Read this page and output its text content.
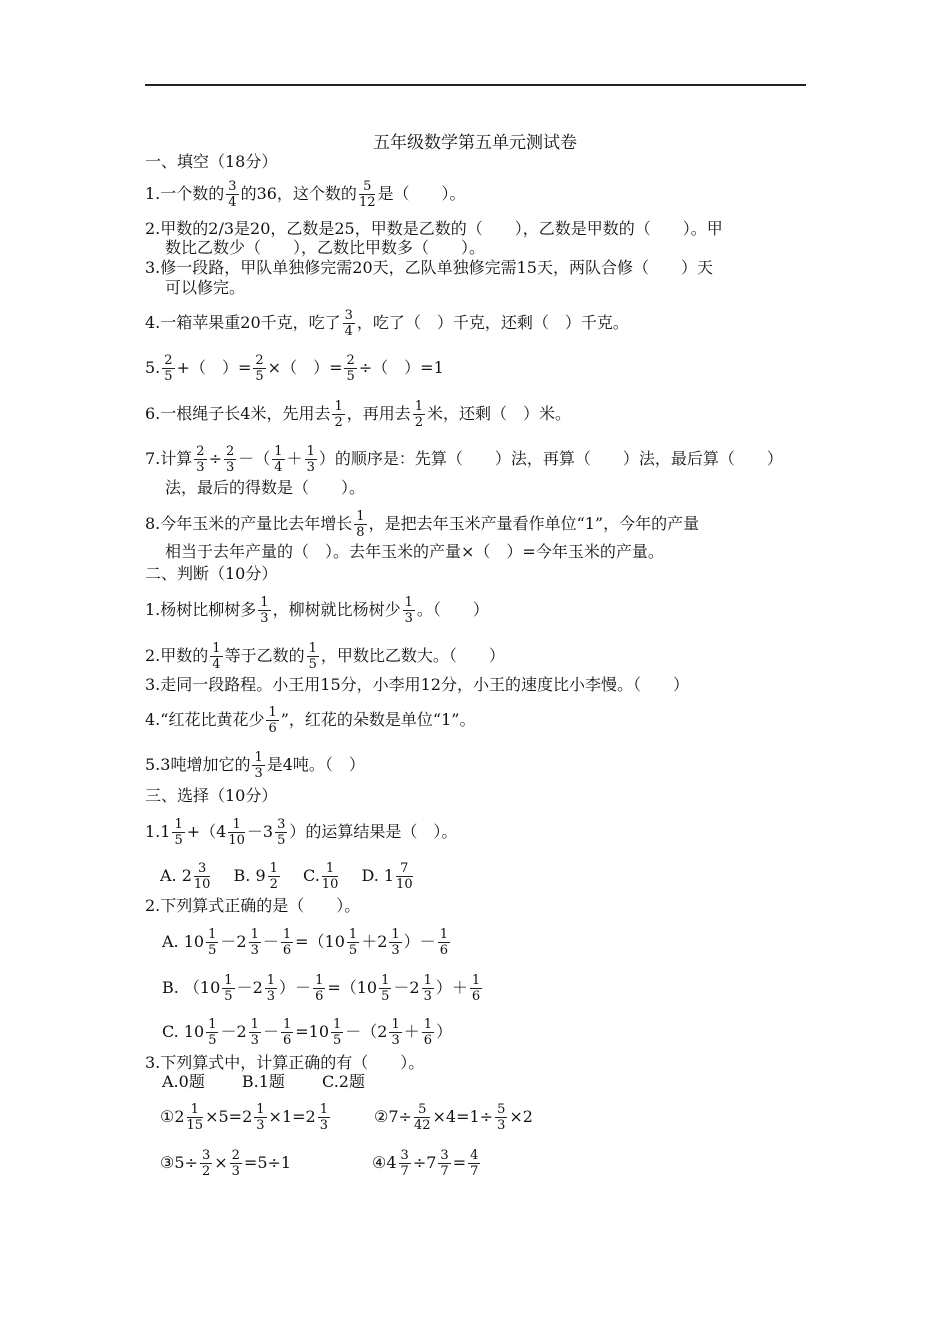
五年级数学第五单元测试卷
一、填空（18分）
1.一个数的 $\frac{3}{4}$ 的36，这个数的 $\frac{5}{12}$ 是（　　）。
2.甲数的2/3是20，乙数是25，甲数是乙数的（　　），乙数是甲数的（　　）。甲
数比乙数少（　　），乙数比甲数多（　　）。
3.修一段路，甲队单独修完需20天，乙队单独修完需15天，两队合修（　　）天
可以修完。
4.一箱苹果重20千克，吃了 $\frac{3}{4}$ ，吃了（　）千克，还剩（　）千克。
5. $\frac{2}{5}$ +（　）= $\frac{2}{5}$ ×（　）= $\frac{2}{5}$ ÷（　）=1
6.一根绳子长4米，先用去 $\frac{1}{2}$ ，再用去 $\frac{1}{2}$ 米，还剩（　）米。
7.计算 $\frac{2}{3} \div \frac{2}{3}$ －（ $\frac{1}{4} + \frac{1}{3}$ ）的顺序是：先算（　　）法，再算（　　）法，最后算（　　）
法，最后的得数是（　　）。
8.今年玉米的产量比去年增长 $\frac{1}{8}$ ，是把去年玉米产量看作单位“1”，今年的产量
相当于去年产量的（　）。去年玉米的产量×（　）=今年玉米的产量。
二、判断（10分）
1.杨树比柳树多 $\frac{1}{3}$ ，柳树就比杨树少 $\frac{1}{3}$ 。（　　）
2.甲数的 $\frac{1}{4}$ 等于乙数的 $\frac{1}{5}$ ，甲数比乙数大。（　　）
3.走同一段路程。小王用15分，小李用12分，小王的速度比小李慢。（　　）
4.“红花比黄花少 $\frac{1}{6}$ ”，红花的朵数是单位“1”。
5.3吨增加它的 $\frac{1}{3}$ 是4吨。（　）
三、选择（10分）
$1.1 \frac{1}{5} +(4 \frac{1}{10} -3 \frac{3}{5}$ ）的运算结果是（　）。
A. $2 \frac{3}{10}$
  B. $9 \frac{1}{2}$
  C. $\frac{1}{10}$
  D. $1 \frac{7}{10}$
2.下列算式正确的是（　　）。
A. $10 \frac{1}{5} -2 \frac{1}{3} - \frac{1}{6} =(10 \frac{1}{5} +2 \frac{1}{3}$ ）－ $\frac{1}{6}$
B. （$10 \frac{1}{5} -2 \frac{1}{3}$ ）－ $\frac{1}{6} =(10 \frac{1}{5} -2 \frac{1}{3}$ ）＋ $\frac{1}{6}$
C. $10 \frac{1}{5} -2 \frac{1}{3} - \frac{1}{6} =10 \frac{1}{5} -(2 \frac{1}{3} + \frac{1}{6}$ ）
3.下列算式中，计算正确的有（　　）。
A.0题　　 B.1题　　 C.2题
①2 $\frac{1}{15} \times 5=2 \frac{1}{3} \times 1=2 \frac{1}{3}$	②7÷ $\frac{5}{42} \times 4=1\div \frac{5}{3} \times 2$
③5÷ $\frac{3}{2} \times \frac{2}{3} =5\div 1$	④4 $\frac{3}{7} \div 7 \frac{3}{7} = \frac{4}{7}$
